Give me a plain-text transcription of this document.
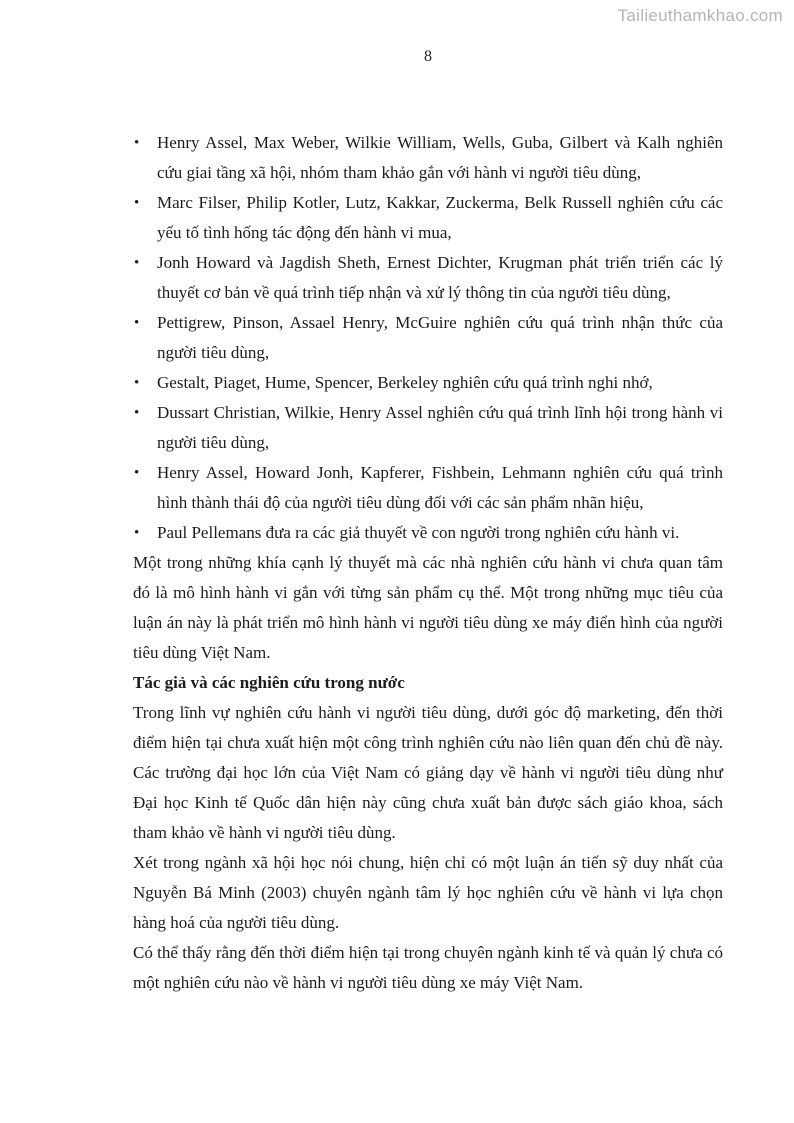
Tailieuthamkhao.com
8
• Henry Assel, Max Weber, Wilkie William, Wells, Guba, Gilbert và Kalh nghiên cứu giai tầng xã hội, nhóm tham khảo gắn với hành vi người tiêu dùng,
• Marc Filser, Philip Kotler, Lutz, Kakkar, Zuckerma, Belk Russell nghiên cứu các yếu tố tình hống tác động đến hành vi mua,
• Jonh Howard và Jagdish Sheth, Ernest Dichter, Krugman phát triển triển các lý thuyết cơ bản về quá trình tiếp nhận và xử lý thông tin của người tiêu dùng,
• Pettigrew, Pinson, Assael Henry, McGuire nghiên cứu quá trình nhận thức của người tiêu dùng,
• Gestalt, Piaget, Hume, Spencer, Berkeley nghiên cứu quá trình nghi nhớ,
• Dussart Christian, Wilkie, Henry Assel nghiên cứu quá trình lĩnh hội trong hành vi người tiêu dùng,
• Henry Assel, Howard Jonh, Kapferer, Fishbein, Lehmann nghiên cứu quá trình hình thành thái độ của người tiêu dùng đối với các sản phẩm nhãn hiệu,
• Paul Pellemans đưa ra các giả thuyết về con người trong nghiên cứu hành vi.

Một trong những khía cạnh lý thuyết mà các nhà nghiên cứu hành vi chưa quan tâm đó là mô hình hành vi gắn với từng sản phẩm cụ thể. Một trong những mục tiêu của luận án này là phát triển mô hình hành vi người tiêu dùng xe máy điển hình của người tiêu dùng Việt Nam.

Tác giả và các nghiên cứu trong nước

Trong lĩnh vự nghiên cứu hành vi người tiêu dùng, dưới góc độ marketing, đến thời điểm hiện tại chưa xuất hiện một công trình nghiên cứu nào liên quan đến chủ đề này. Các trường đại học lớn của Việt Nam có giảng dạy về hành vi người tiêu dùng như Đại học Kinh tế Quốc dân hiện này cũng chưa xuất bản được sách giáo khoa, sách tham khảo về hành vi người tiêu dùng.

Xét trong ngành xã hội học nói chung, hiện chỉ có một luận án tiến sỹ duy nhất của Nguyễn Bá Minh (2003) chuyên ngành tâm lý học nghiên cứu về hành vi lựa chọn hàng hoá của người tiêu dùng.

Có thể thấy rằng đến thời điểm hiện tại trong chuyên ngành kinh tế và quản lý chưa có một nghiên cứu nào về hành vi người tiêu dùng xe máy Việt Nam.
